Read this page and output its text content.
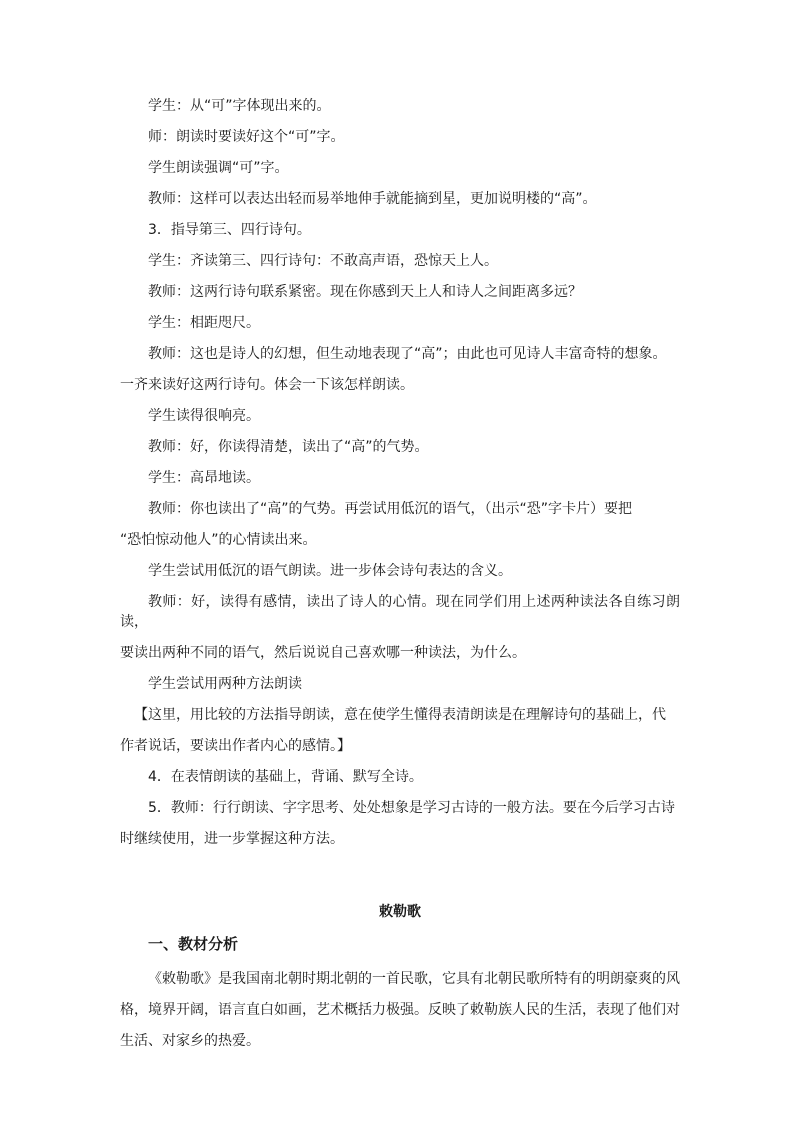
学生：从“可”字体现出来的。

师：朗读时要读好这个“可”字。

学生朗读强调“可”字。

教师：这样可以表达出轻而易举地伸手就能摘到星，更加说明楼的“高”。

3．指导第三、四行诗句。

学生：齐读第三、四行诗句：不敢高声语，恐惊天上人。

教师：这两行诗句联系紧密。现在你感到天上人和诗人之间距离多远？

学生：相距咫尺。

教师：这也是诗人的幻想，但生动地表现了“高”；由此也可见诗人丰富奇特的想象。
一齐来读好这两行诗句。体会一下该怎样朗读。

学生读得很响亮。

教师：好，你读得清楚，读出了“高”的气势。

学生：高昂地读。

教师：你也读出了“高”的气势。再尝试用低沉的语气，（出示“恐”字卡片）要把
“恐怕惊动他人”的心情读出来。

学生尝试用低沉的语气朗读。进一步体会诗句表达的含义。

教师：好，读得有感情，读出了诗人的心情。现在同学们用上述两种读法各自练习朗读，
要读出两种不同的语气，然后说说自己喜欢哪一种读法，为什么。

学生尝试用两种方法朗读

【这里，用比较的方法指导朗读，意在使学生懂得表清朗读是在理解诗句的基础上，代
作者说话，要读出作者内心的感情。】

4．在表情朗读的基础上，背诵、默写全诗。

5．教师：行行朗读、字字思考、处处想象是学习古诗的一般方法。要在今后学习古诗
时继续使用，进一步掌握这种方法。

敕勒歌
一、教材分析

《敕勒歌》是我国南北朝时期北朝的一首民歌，它具有北朝民歌所特有的明朗豪爽的风格，境界开阔，语言直白如画，艺术概括力极强。反映了敕勒族人民的生活，表现了他们对生活、对家乡的热爱。
